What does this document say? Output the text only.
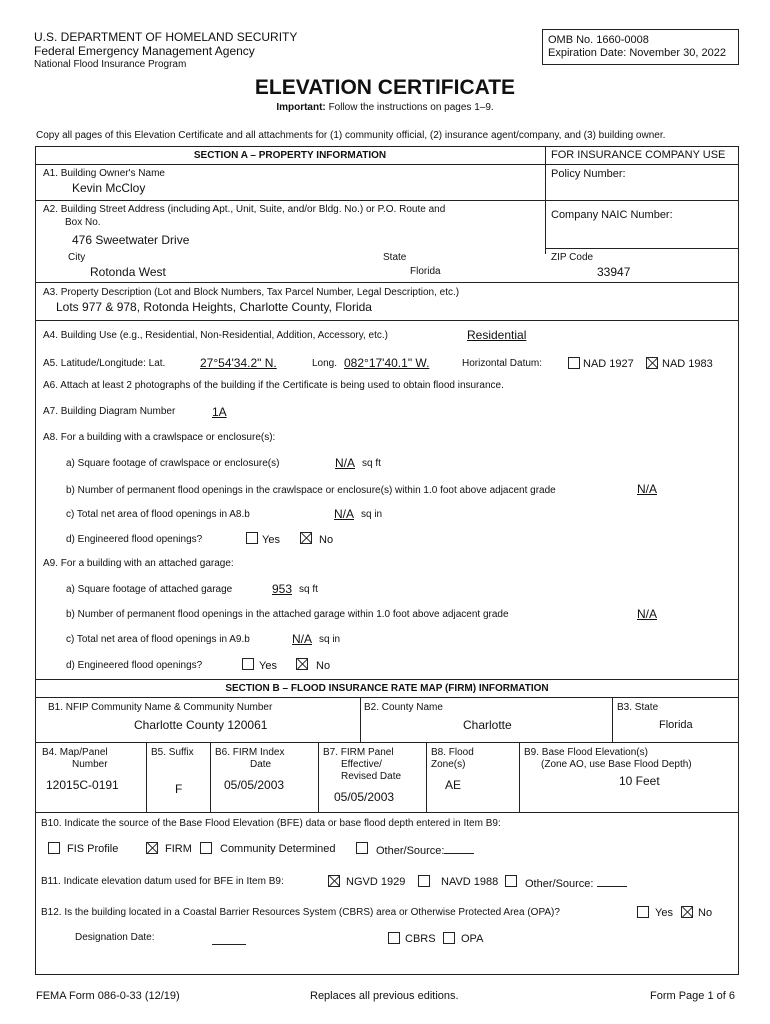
U.S. DEPARTMENT OF HOMELAND SECURITY
Federal Emergency Management Agency
National Flood Insurance Program
OMB No. 1660-0008
Expiration Date: November 30, 2022
ELEVATION CERTIFICATE
Important: Follow the instructions on pages 1–9.
Copy all pages of this Elevation Certificate and all attachments for (1) community official, (2) insurance agent/company, and (3) building owner.
SECTION A – PROPERTY INFORMATION	FOR INSURANCE COMPANY USE
A1. Building Owner's Name
Kevin McCloy
Policy Number:
A2. Building Street Address (including Apt., Unit, Suite, and/or Bldg. No.) or P.O. Route and
Box No.
476 Sweetwater Drive
Company NAIC Number:
City
Rotonda West
State
Florida
ZIP Code
33947
A3. Property Description (Lot and Block Numbers, Tax Parcel Number, Legal Description, etc.)
Lots 977 & 978, Rotonda Heights, Charlotte County, Florida
A4. Building Use (e.g., Residential, Non-Residential, Addition, Accessory, etc.)	Residential
A5. Latitude/Longitude: Lat.	27°54'34.2" N.	Long. 082°17'40.1" W.	Horizontal Datum:	NAD 1927	NAD 1983
A6. Attach at least 2 photographs of the building if the Certificate is being used to obtain flood insurance.
A7. Building Diagram Number	1A
A8. For a building with a crawlspace or enclosure(s):
a) Square footage of crawlspace or enclosure(s)	N/A sq ft
b) Number of permanent flood openings in the crawlspace or enclosure(s) within 1.0 foot above adjacent grade	N/A
c) Total net area of flood openings in A8.b	N/A sq in
d) Engineered flood openings?	Yes	No
A9. For a building with an attached garage:
a) Square footage of attached garage	953 sq ft
b) Number of permanent flood openings in the attached garage within 1.0 foot above adjacent grade	N/A
c) Total net area of flood openings in A9.b	N/A sq in
d) Engineered flood openings?	Yes	No
SECTION B – FLOOD INSURANCE RATE MAP (FIRM) INFORMATION
B1. NFIP Community Name & Community Number
Charlotte County 120061
B2. County Name
Charlotte
B3. State
Florida
B4. Map/Panel
Number
12015C-0191
B5. Suffix
F
B6. FIRM Index
Date
05/05/2003
B7. FIRM Panel
Effective/
Revised Date
05/05/2003
B8. Flood
Zone(s)
AE
B9. Base Flood Elevation(s)
(Zone AO, use Base Flood Depth)
10 Feet
B10. Indicate the source of the Base Flood Elevation (BFE) data or base flood depth entered in Item B9:
FIS Profile	FIRM	Community Determined	Other/Source:
B11. Indicate elevation datum used for BFE in Item B9:	NGVD 1929	NAVD 1988 Other/Source:
B12. Is the building located in a Coastal Barrier Resources System (CBRS) area or Otherwise Protected Area (OPA)?	Yes No
Designation Date:	CBRS OPA
FEMA Form 086-0-33 (12/19)	Replaces all previous editions.	Form Page 1 of 6
